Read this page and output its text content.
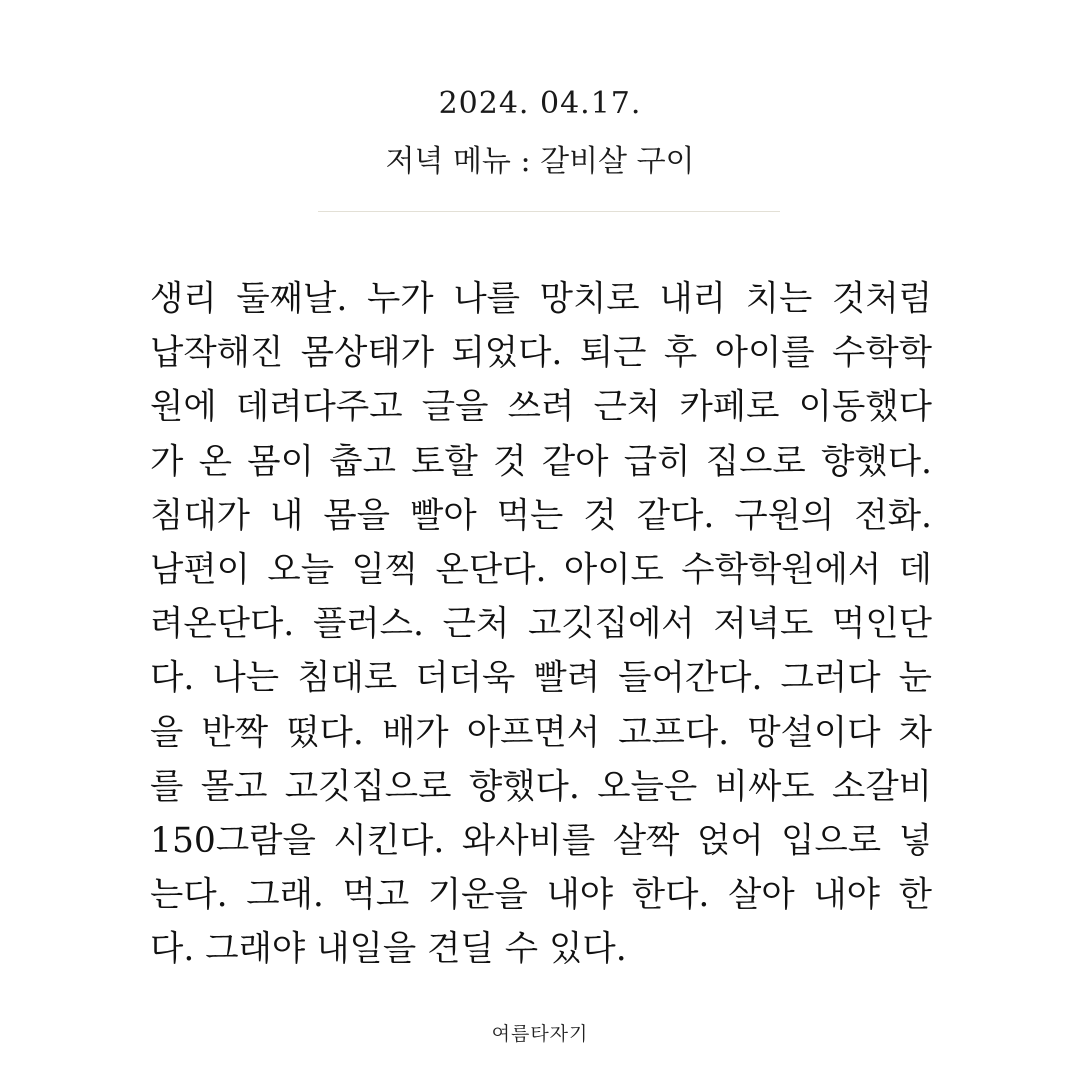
2024. 04.17.
저녁 메뉴 : 갈비살 구이
생리 둘째날. 누가 나를 망치로 내리 치는 것처럼
납작해진 몸상태가 되었다. 퇴근 후 아이를 수학학
원에 데려다주고 글을 쓰려 근처 카페로 이동했다
가 온 몸이 춥고 토할 것 같아 급히 집으로 향했다.
침대가 내 몸을 빨아 먹는 것 같다. 구원의 전화.
남편이 오늘 일찍 온단다. 아이도 수학학원에서 데
려온단다. 플러스. 근처 고깃집에서 저녁도 먹인단
다. 나는 침대로 더더욱 빨려 들어간다. 그러다 눈
을 반짝 떴다. 배가 아프면서 고프다. 망설이다 차
를 몰고 고깃집으로 향했다. 오늘은 비싸도 소갈비
150그람을 시킨다. 와사비를 살짝 얹어 입으로 넣
는다. 그래. 먹고 기운을 내야 한다. 살아 내야 한
다. 그래야 내일을 견딜 수 있다.
여름타자기
